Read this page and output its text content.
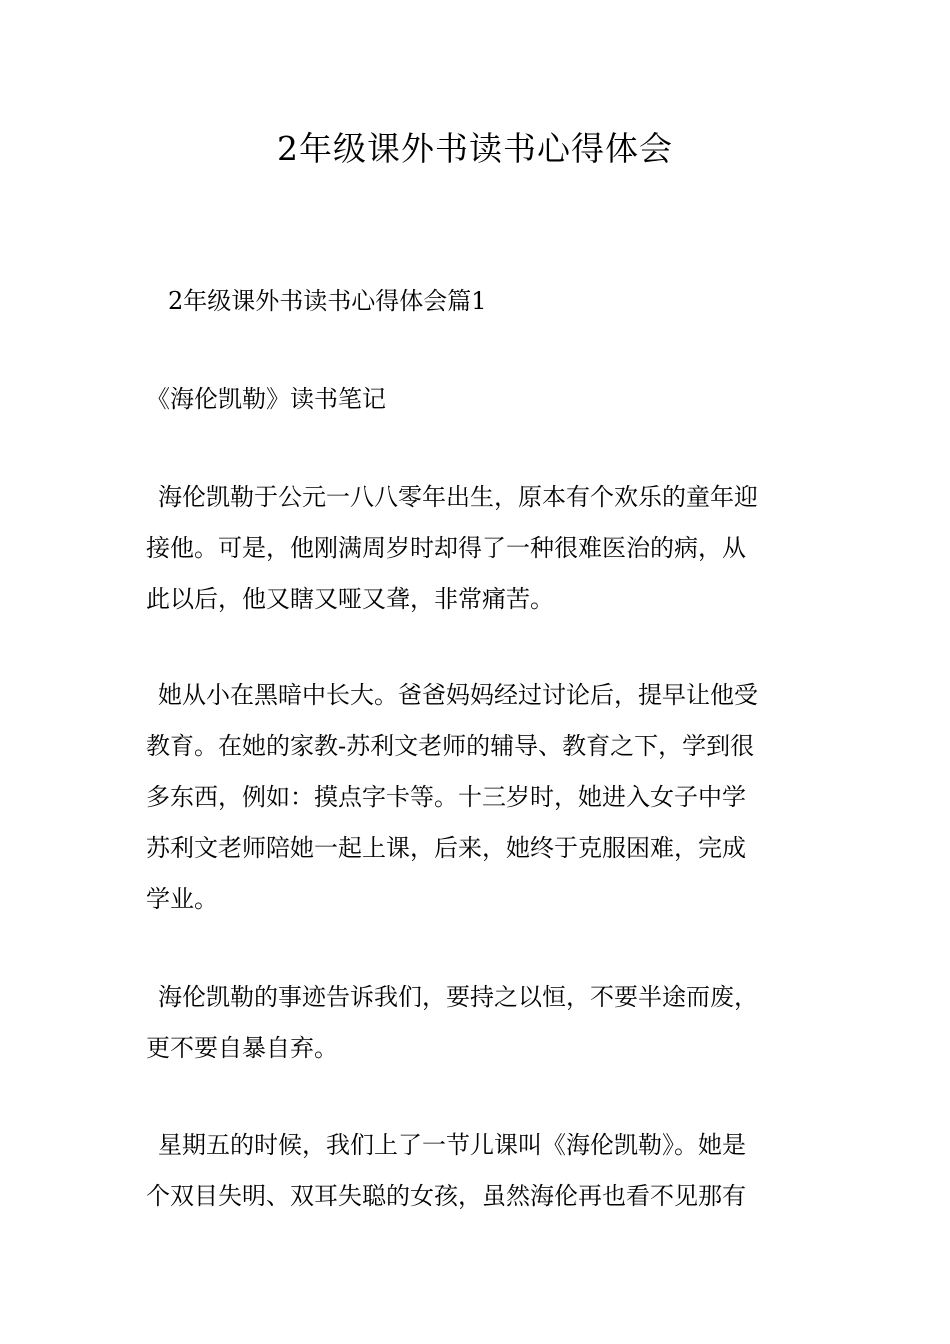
2年级课外书读书心得体会

2年级课外书读书心得体会篇1

《海伦凯勒》读书笔记

海伦凯勒于公元一八八零年出生，原本有个欢乐的童年迎
接他。可是，他刚满周岁时却得了一种很难医治的病，从
此以后，他又瞎又哑又聋，非常痛苦。
她从小在黑暗中长大。爸爸妈妈经过讨论后，提早让他受
教育。在她的家教-苏利文老师的辅导、教育之下，学到很
多东西，例如：摸点字卡等。十三岁时，她进入女子中学
苏利文老师陪她一起上课，后来，她终于克服困难，完成
学业。
海伦凯勒的事迹告诉我们，要持之以恒，不要半途而废，
更不要自暴自弃。
星期五的时候，我们上了一节儿课叫《海伦凯勒》。她是
个双目失明、双耳失聪的女孩，虽然海伦再也看不见那有
